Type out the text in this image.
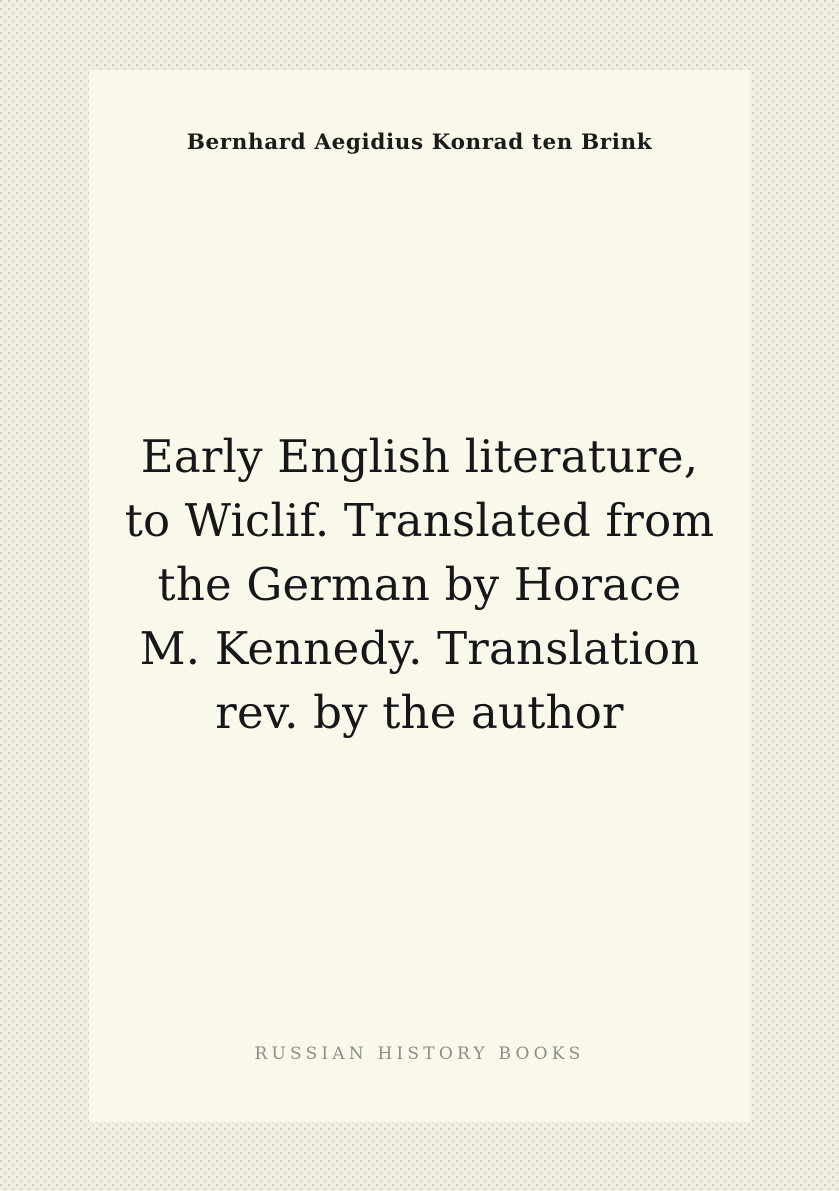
Bernhard Aegidius Konrad ten Brink
Early English literature, to Wiclif. Translated from the German by Horace M. Kennedy. Translation rev. by the author
RUSSIAN HISTORY BOOKS
